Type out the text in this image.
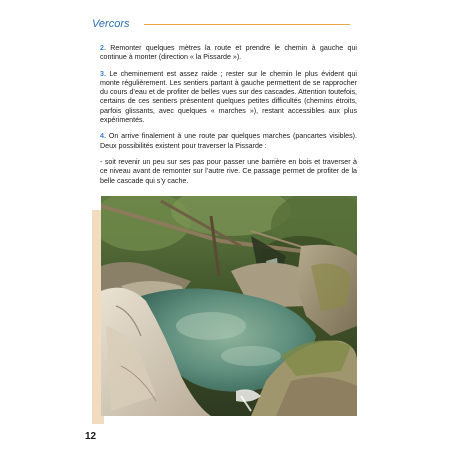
Vercors

2. Remonter quelques mètres la route et prendre le chemin à gauche qui continue à monter (direction « la Pissarde »).

3. Le cheminement est assez raide ; rester sur le chemin le plus évident qui monte régulièrement. Les sentiers partant à gauche permettent de se rapprocher du cours d’eau et de profiter de belles vues sur des cascades. Attention toutefois, certains de ces sentiers présentent quelques petites difficultés (chemins étroits, parfois glissants, avec quelques « marches »), restant accessibles aux plus expérimentés.

4. On arrive finalement à une route par quelques marches (pancartes visibles). Deux possibilités existent pour traverser la Pissarde :

- soit revenir un peu sur ses pas pour passer une barrière en bois et traverser à ce niveau avant de remonter sur l’autre rive. Ce passage permet de profiter de la belle cascade qui s’y cache.

12
